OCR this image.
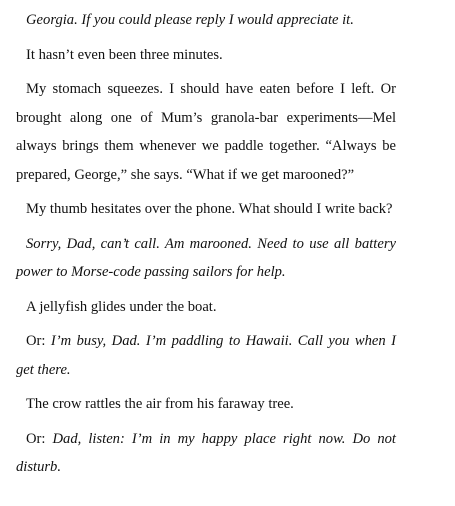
Georgia. If you could please reply I would appreciate it.

It hasn’t even been three minutes.

My stomach squeezes. I should have eaten before I left. Or brought along one of Mum’s granola-bar experiments—Mel always brings them whenever we paddle together. “Always be prepared, George,” she says. “What if we get marooned?”

My thumb hesitates over the phone. What should I write back?

Sorry, Dad, can’t call. Am marooned. Need to use all battery power to Morse-code passing sailors for help.

A jellyfish glides under the boat.

Or: I’m busy, Dad. I’m paddling to Hawaii. Call you when I get there.

The crow rattles the air from his faraway tree.

Or: Dad, listen: I’m in my happy place right now. Do not disturb.
